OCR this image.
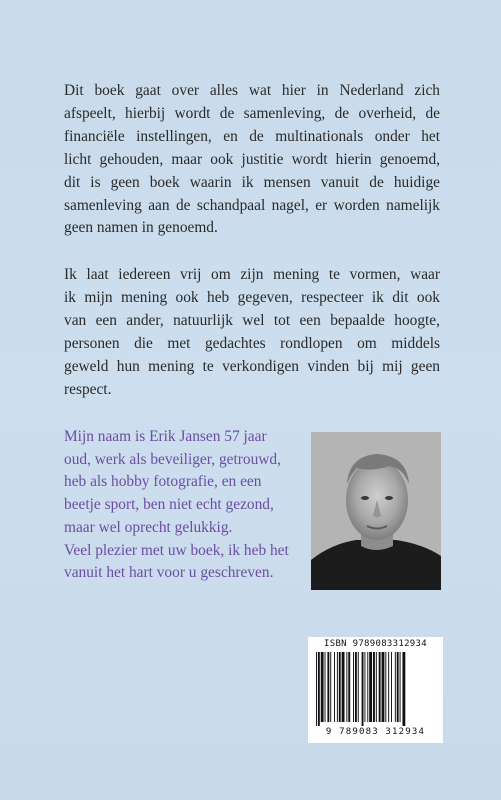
Dit boek gaat over alles wat hier in Nederland zich
afspeelt, hierbij wordt de samenleving, de overheid, de
financiële instellingen, en de multinationals onder het
licht gehouden, maar ook justitie wordt hierin genoemd,
dit is geen boek waarin ik mensen vanuit de huidige
samenleving aan de schandpaal nagel, er worden namelijk
geen namen in genoemd.
Ik laat iedereen vrij om zijn mening te vormen, waar
ik mijn mening ook heb gegeven, respecteer ik dit ook
van een ander, natuurlijk wel tot een bepaalde hoogte,
personen die met gedachtes rondlopen om middels
geweld hun mening te verkondigen vinden bij mij geen
respect.
Mijn naam is Erik Jansen 57 jaar
oud, werk als beveiliger, getrouwd,
heb als hobby fotografie, en een
beetje sport, ben niet echt gezond,
maar wel oprecht gelukkig.
Veel plezier met uw boek, ik heb het
vanuit het hart voor u geschreven.
ISBN 9789083312934
9 789083 312934
